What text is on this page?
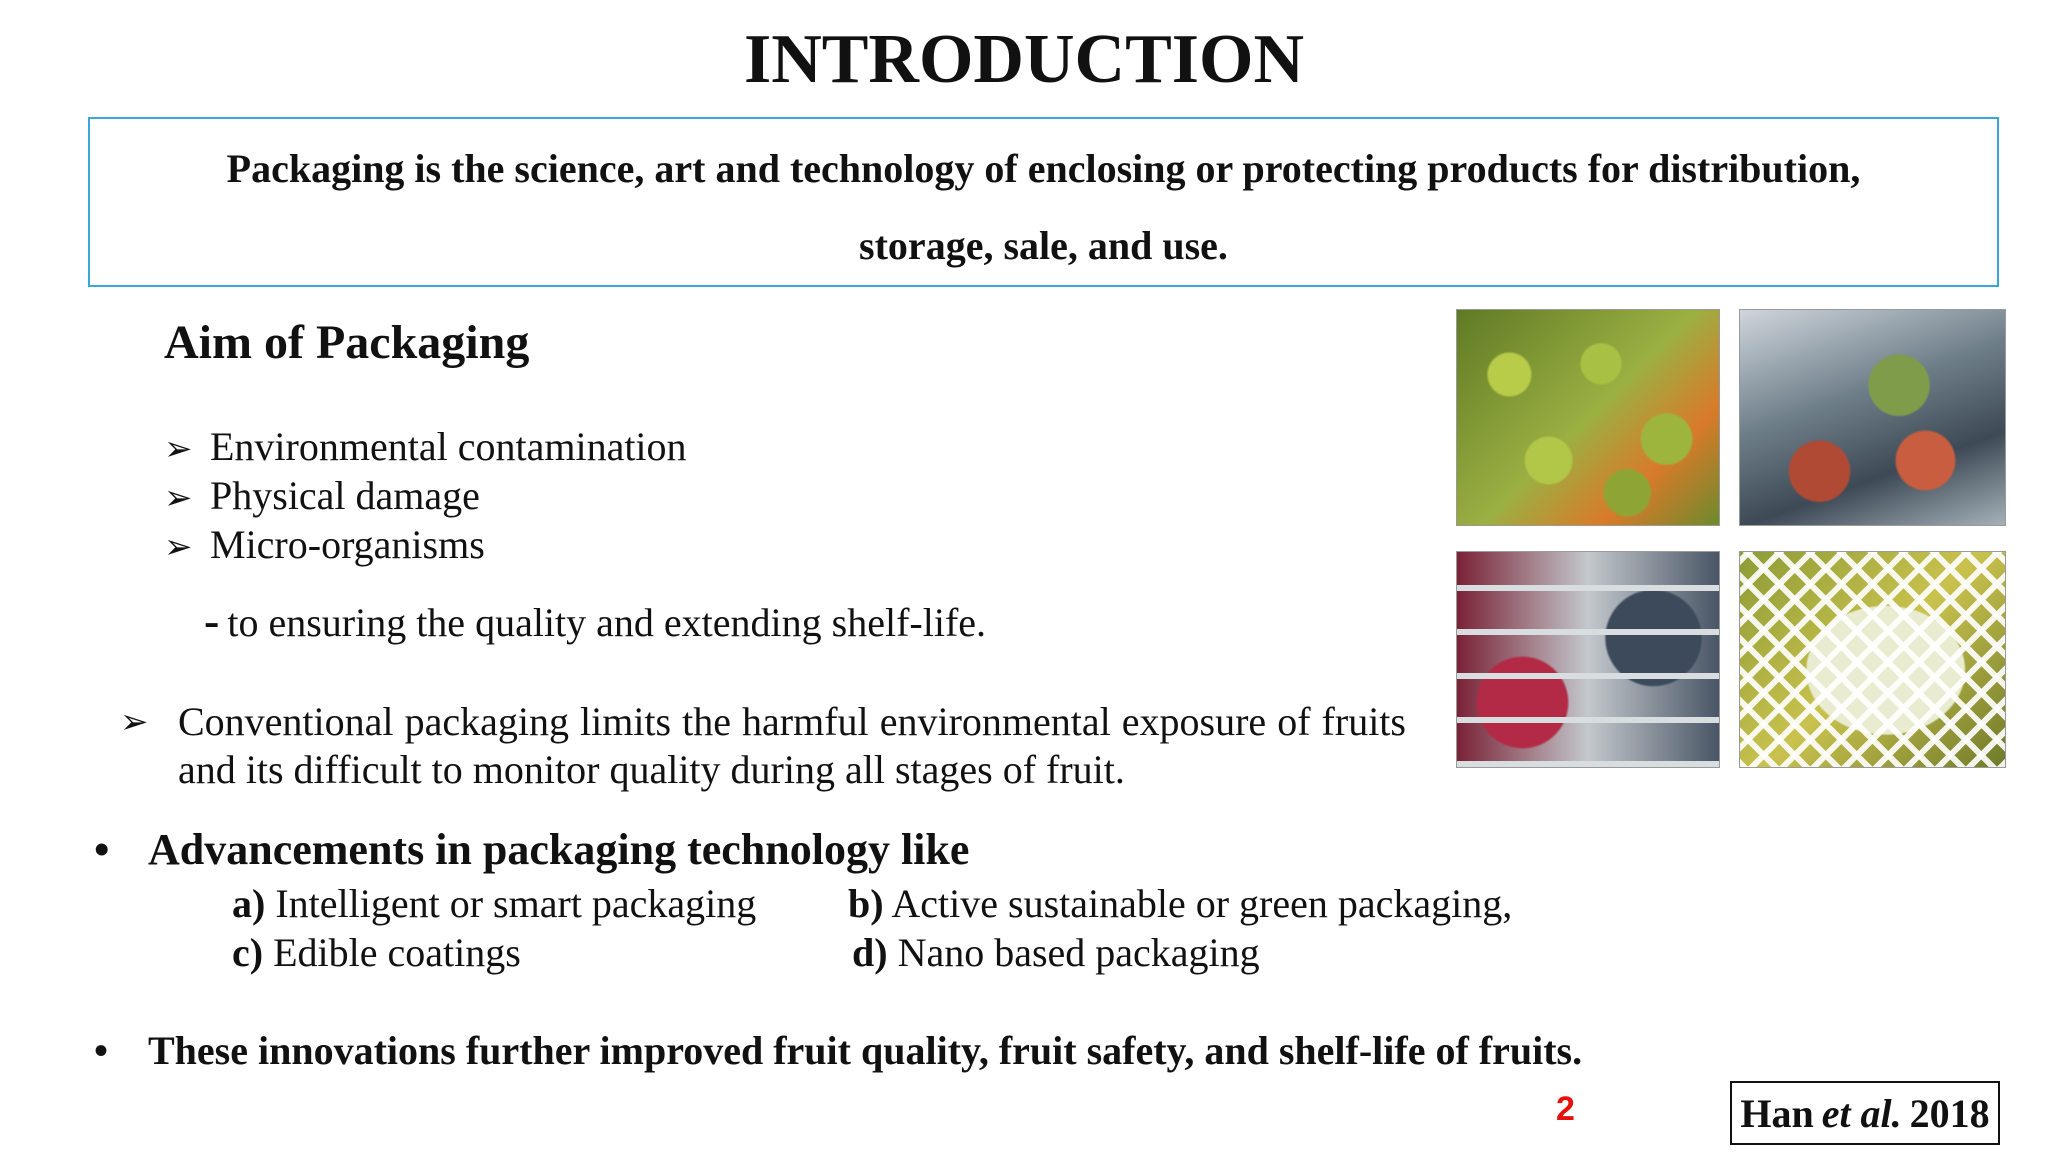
INTRODUCTION
Packaging is the science, art and technology of enclosing or protecting products for distribution,
storage, sale, and use.
Aim of Packaging
➢ Environmental contamination
➢ Physical damage
➢ Micro-organisms
- to ensuring the quality and extending shelf-life.
➢ Conventional packaging limits the harmful environmental exposure of fruits and its difficult to monitor quality during all stages of fruit.
• Advancements in packaging technology like
a) Intelligent or smart packaging b) Active sustainable or green packaging,
c) Edible coatings	d) Nano based packaging
• These innovations further improved fruit quality, fruit safety, and shelf-life of fruits.
2	Han et al. 2018
